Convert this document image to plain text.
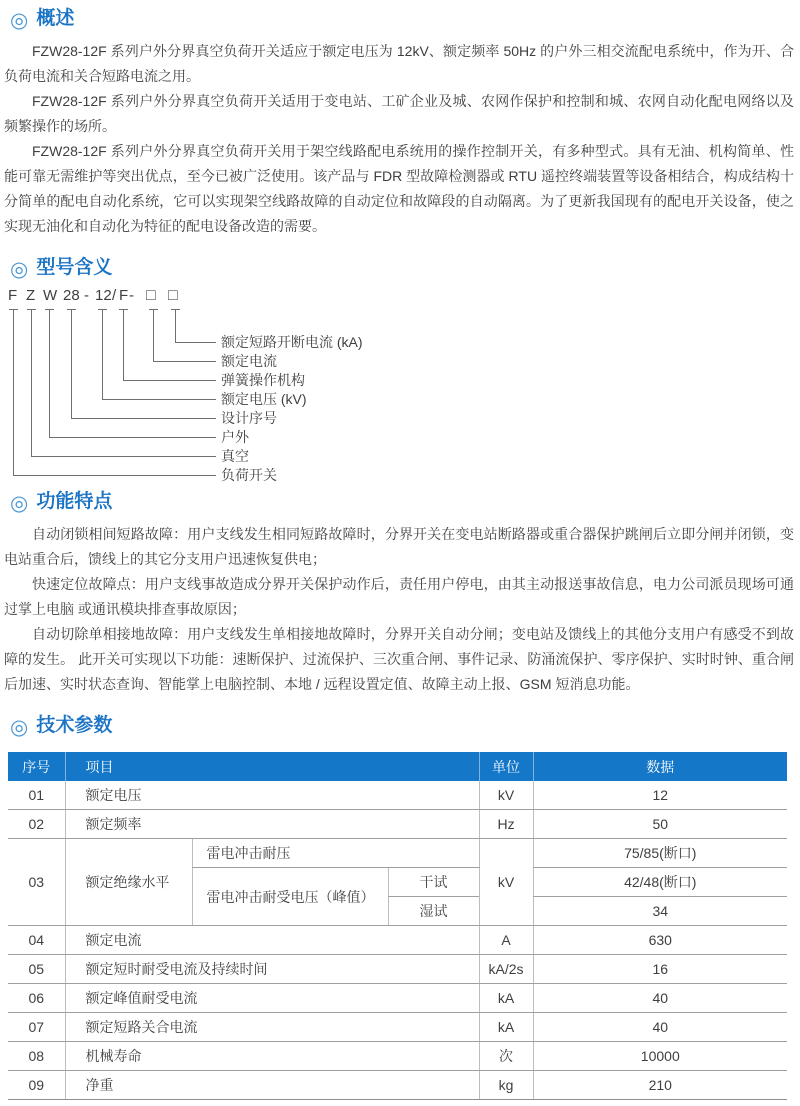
◎ 概述

FZW28-12F 系列户外分界真空负荷开关适应于额定电压为 12kV、额定频率 50Hz 的户外三相交流配电系统中，作为开、合负荷电流和关合短路电流之用。

FZW28-12F 系列户外分界真空负荷开关适用于变电站、工矿企业及城、农网作保护和控制和城、农网自动化配电网络以及频繁操作的场所。

FZW28-12F 系列户外分界真空负荷开关用于架空线路配电系统用的操作控制开关，有多种型式。具有无油、机构简单、性能可靠无需维护等突出优点，至今已被广泛使用。该产品与 FDR 型故障检测器或 RTU 遥控终端装置等设备相结合，构成结构十分简单的配电自动化系统，它可以实现架空线路故障的自动定位和故障段的自动隔离。为了更新我国现有的配电开关设备，使之实现无油化和自动化为特征的配电设备改造的需要。

◎ 型号含义
F Z W 28 - 12 / F - □ □
额定短路开断电流 (kA)
额定电流
弹簧操作机构
额定电压 (kV)
设计序号
户外
真空
负荷开关
◎ 功能特点

自动闭锁相间短路故障：用户支线发生相同短路故障时，分界开关在变电站断路器或重合器保护跳闸后立即分闸并闭锁，变电站重合后，馈线上的其它分支用户迅速恢复供电；

快速定位故障点：用户支线事故造成分界开关保护动作后，责任用户停电，由其主动报送事故信息，电力公司派员现场可通过掌上电脑 或通讯模块排查事故原因；

自动切除单相接地故障：用户支线发生单相接地故障时，分界开关自动分闸；变电站及馈线上的其他分支用户有感受不到故障的发生。 此开关可实现以下功能：速断保护、过流保护、三次重合闸、事件记录、防涌流保护、零序保护、实时时钟、重合闸后加速、实时状态查询、智能掌上电脑控制、本地 / 远程设置定值、故障主动上报、GSM 短消息功能。

◎ 技术参数
序号	项目			单位	数据
01	额定电压			kV	12
02	额定频率			Hz	50
03	额定绝缘水平	雷电冲击耐压		kV	75/85(断口)
		雷电冲击耐受电压（峰值）	干试		42/48(断口)
			湿试		34
04	额定电流			A	630
05	额定短时耐受电流及持续时间			kA/2s	16
06	额定峰值耐受电流			kA	40
07	额定短路关合电流			kA	40
08	机械寿命			次	10000
09	净重			kg	210
